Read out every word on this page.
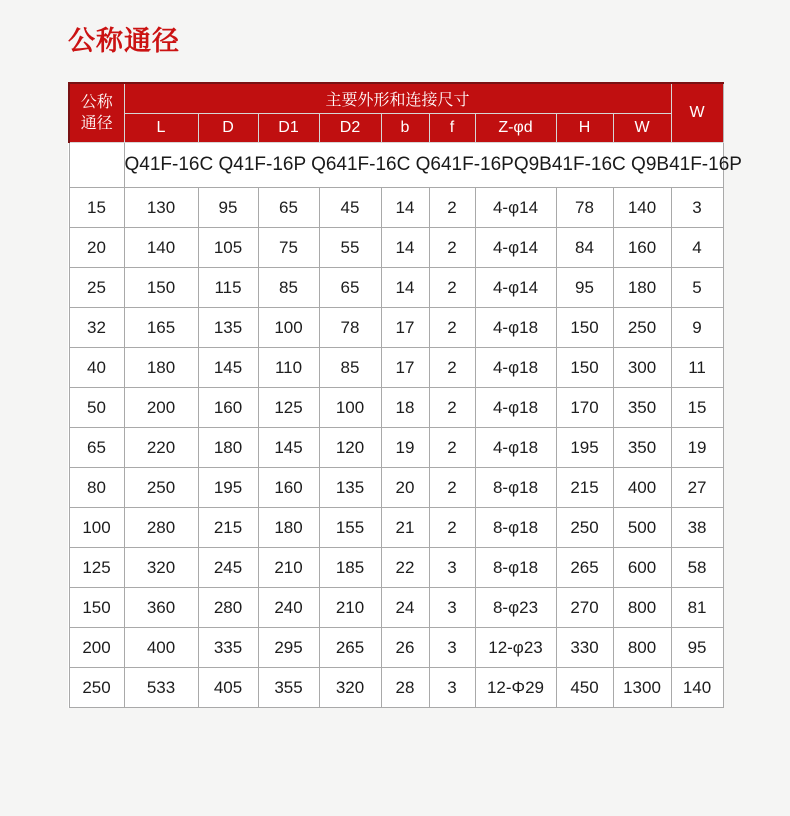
公称通径
公称
通径	主要外形和连接尺寸									W
	L	D	D1	D2	b	f	Z-φd	H	W	
	Q41F-16C Q41F-16P Q641F-16C Q641F-16PQ9B41F-16C Q9B41F-16P									
15	130	95	65	45	14	2	4-φ14	78	140	3
20	140	105	75	55	14	2	4-φ14	84	160	4
25	150	115	85	65	14	2	4-φ14	95	180	5
32	165	135	100	78	17	2	4-φ18	150	250	9
40	180	145	110	85	17	2	4-φ18	150	300	11
50	200	160	125	100	18	2	4-φ18	170	350	15
65	220	180	145	120	19	2	4-φ18	195	350	19
80	250	195	160	135	20	2	8-φ18	215	400	27
100	280	215	180	155	21	2	8-φ18	250	500	38
125	320	245	210	185	22	3	8-φ18	265	600	58
150	360	280	240	210	24	3	8-φ23	270	800	81
200	400	335	295	265	26	3	12-φ23	330	800	95
250	533	405	355	320	28	3	12-Φ29	450	1300	140
